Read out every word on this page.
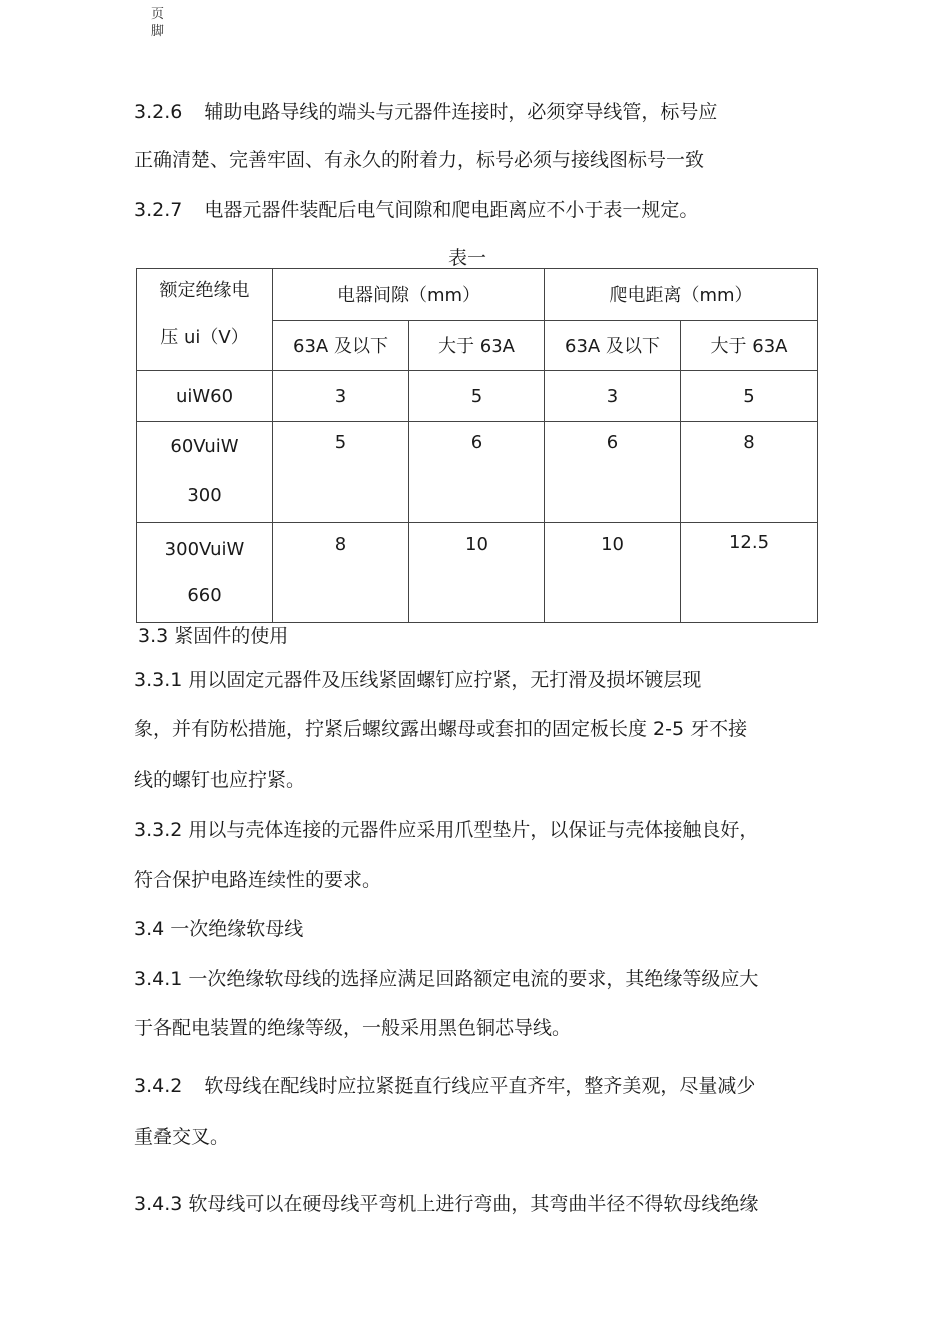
页
脚
3.2.6 辅助电路导线的端头与元器件连接时，必须穿导线管，标号应
正确清楚、完善牢固、有永久的附着力，标号必须与接线图标号一致
3.2.7 电器元器件装配后电气间隙和爬电距离应不小于表一规定。
表一
额定绝缘电
压 ui（V）	电器间隙（mm）		爬电距离（mm）	
	63A 及以下	大于 63A	63A 及以下	大于 63A
uiW60	3	5	3	5

60VuiW
300	5	6	6	8

300VuiW
660	8	10	10	12.5
3.3 紧固件的使用
3.3.1 用以固定元器件及压线紧固螺钉应拧紧，无打滑及损坏镀层现
象，并有防松措施，拧紧后螺纹露出螺母或套扣的固定板长度 2-5 牙不接
线的螺钉也应拧紧。
3.3.2 用以与壳体连接的元器件应采用爪型垫片，以保证与壳体接触良好，
符合保护电路连续性的要求。
3.4 一次绝缘软母线
3.4.1 一次绝缘软母线的选择应满足回路额定电流的要求，其绝缘等级应大
于各配电装置的绝缘等级，一般采用黑色铜芯导线。
3.4.2 软母线在配线时应拉紧挺直行线应平直齐牢，整齐美观，尽量减少
重叠交叉。
3.4.3 软母线可以在硬母线平弯机上进行弯曲，其弯曲半径不得软母线绝缘
